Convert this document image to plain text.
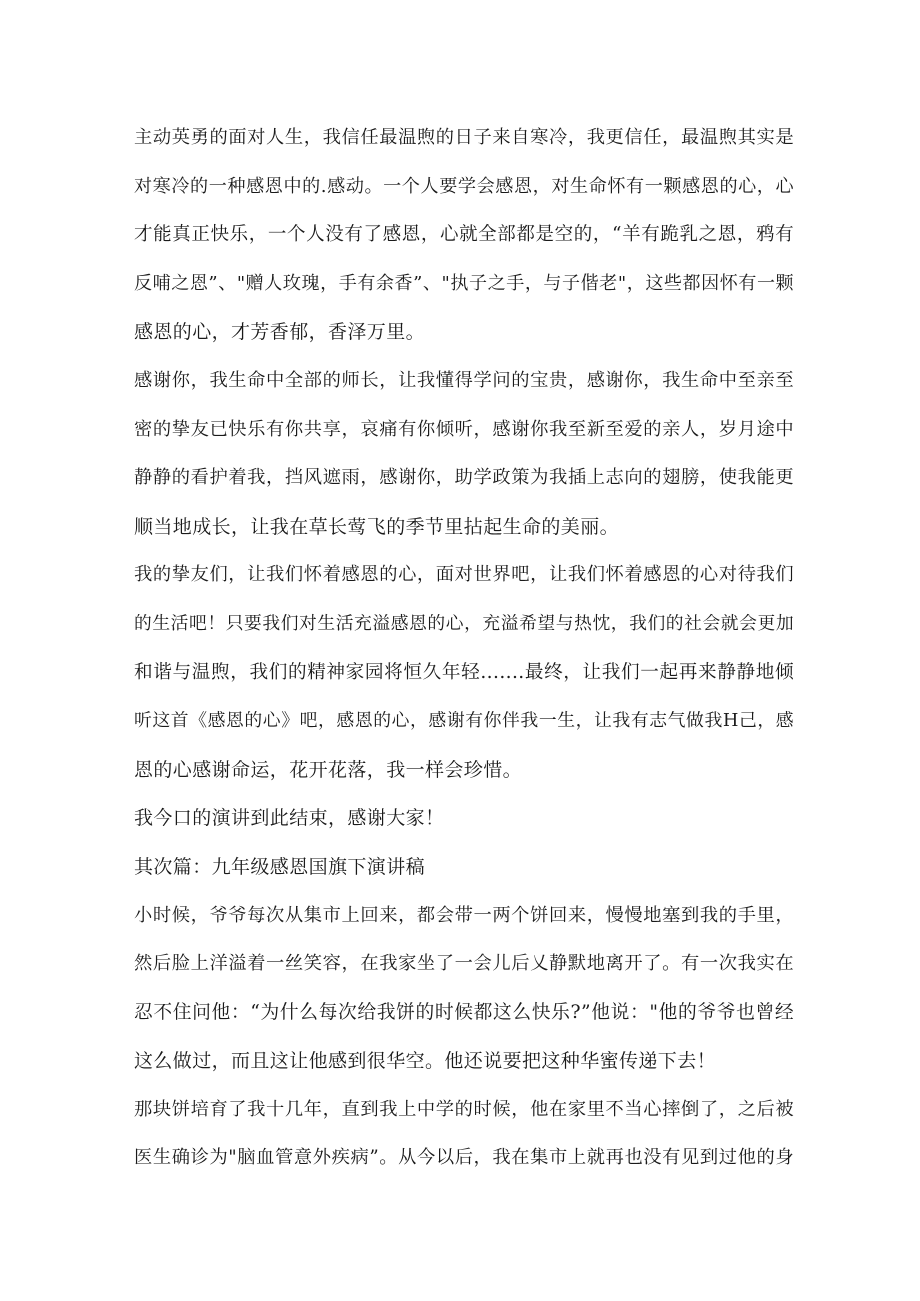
主动英勇的面对人生，我信任最温煦的日子来自寒冷，我更信任，最温煦其实是
对寒冷的一种感恩中的.感动。一个人要学会感恩，对生命怀有一颗感恩的心，心
才能真正快乐，一个人没有了感恩，心就全部都是空的，“羊有跪乳之恩，鸦有
反哺之恩”、"赠人玫瑰，手有余香”、"执子之手，与子偕老"，这些都因怀有一颗
感恩的心，才芳香郁，香泽万里。
感谢你，我生命中全部的师长，让我懂得学问的宝贵，感谢你，我生命中至亲至
密的挚友已快乐有你共享，哀痛有你倾听，感谢你我至新至爱的亲人，岁月途中
静静的看护着我，挡风遮雨，感谢你，助学政策为我插上志向的翅膀，使我能更
顺当地成长，让我在草长莺飞的季节里拈起生命的美丽。
我的挚友们，让我们怀着感恩的心，面对世界吧，让我们怀着感恩的心对待我们
的生活吧！只要我们对生活充溢感恩的心，充溢希望与热忱，我们的社会就会更加
和谐与温煦，我们的精神家园将恒久年轻.......最终，让我们一起再来静静地倾
听这首《感恩的心》吧，感恩的心，感谢有你伴我一生，让我有志气做我H己，感
恩的心感谢命运，花开花落，我一样会珍惜。
我今口的演讲到此结束，感谢大家！
其次篇：九年级感恩国旗下演讲稿
小时候，爷爷每次从集市上回来，都会带一两个饼回来，慢慢地塞到我的手里，
然后脸上洋溢着一丝笑容，在我家坐了一会儿后乂静默地离开了。有一次我实在
忍不住问他：“为什么每次给我饼的时候都这么快乐?”他说："他的爷爷也曾经
这么做过，而且这让他感到很华空。他还说要把这种华蜜传递下去！
那块饼培育了我十几年，直到我上中学的时候，他在家里不当心摔倒了，之后被
医生确诊为"脑血管意外疾病”。从今以后，我在集市上就再也没有见到过他的身
